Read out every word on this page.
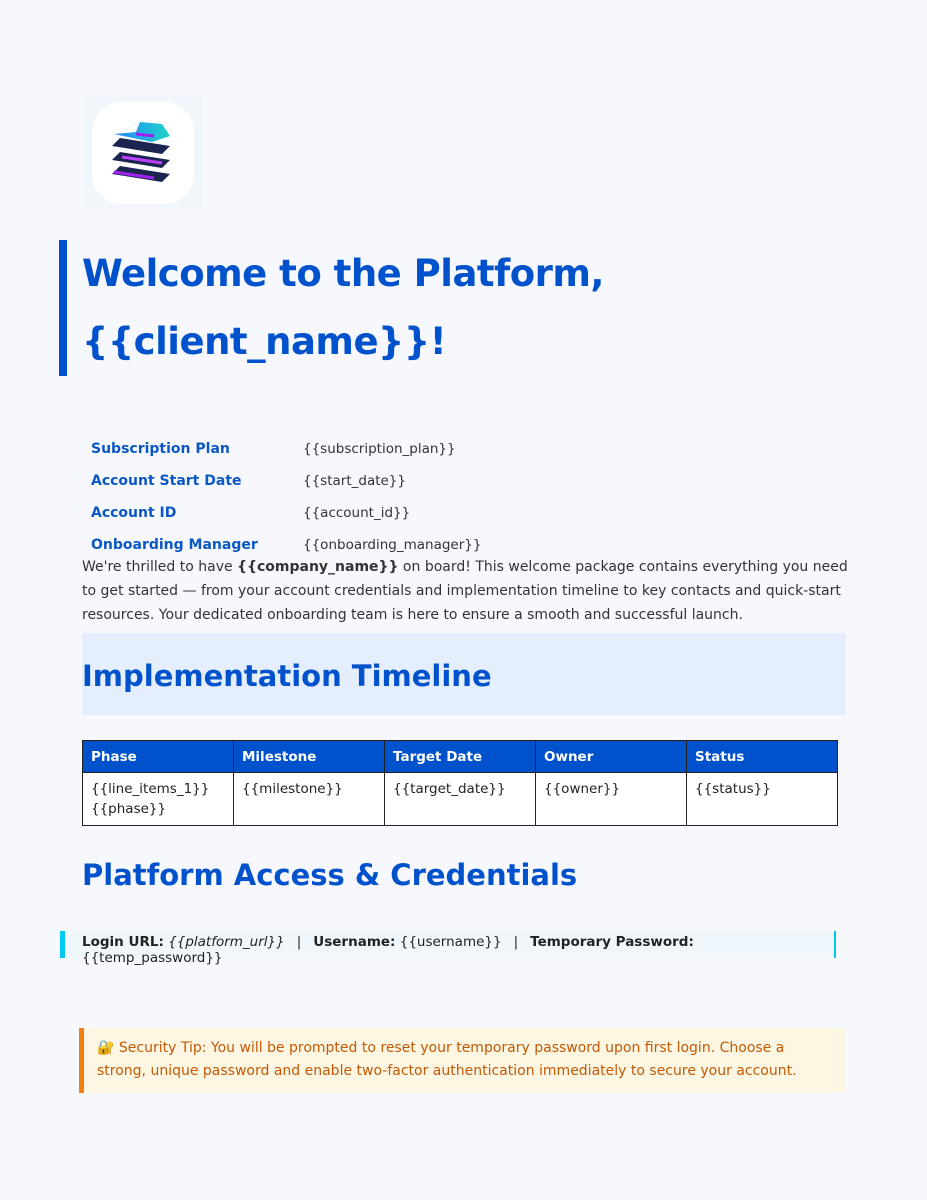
Welcome to the Platform,
{{client_name}}!
Subscription Plan	{{subscription_plan}}
Account Start Date	{{start_date}}
Account ID	{{account_id}}
Onboarding Manager	{{onboarding_manager}}

We're thrilled to have {{company_name}} on board! This welcome package contains everything you need to get started — from your account credentials and implementation timeline to key contacts and quick-start resources. Your dedicated onboarding team is here to ensure a smooth and successful launch.

Implementation Timeline
Phase	Milestone	Target Date	Owner	Status
{{line_items_1}}{{phase}}	{{milestone}}	{{target_date}}	{{owner}}	{{status}}
Platform Access & Credentials
Login URL: {{platform_url}} | Username: {{username}} | Temporary Password: {{temp_password}}
🔐 Security Tip: You will be prompted to reset your temporary password upon first login. Choose a strong, unique password and enable two-factor authentication immediately to secure your account.
